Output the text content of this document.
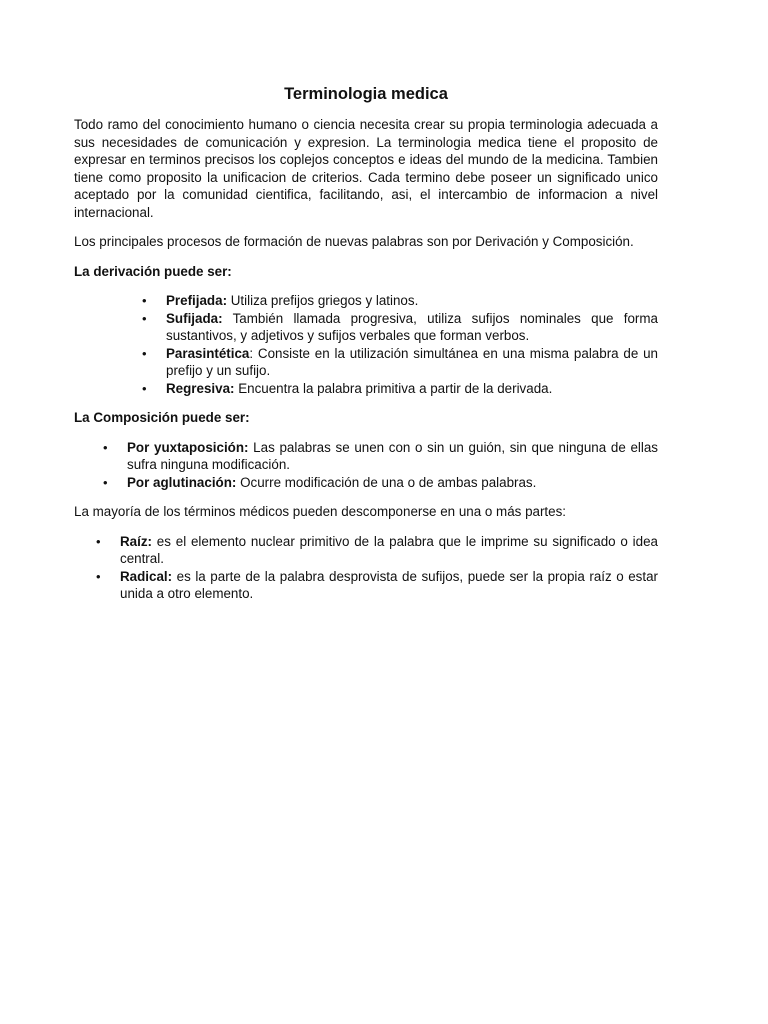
Terminologia medica

Todo ramo del conocimiento humano o ciencia necesita crear su propia terminologia adecuada a sus necesidades de comunicación y expresion. La terminologia medica tiene el proposito de expresar en terminos precisos los coplejos conceptos e ideas del mundo de la medicina. Tambien tiene como proposito la unificacion de criterios. Cada termino debe poseer un significado unico aceptado por la comunidad cientifica, facilitando, asi, el intercambio de informacion a nivel internacional.

Los principales procesos de formación de nuevas palabras son por Derivación y Composición.

La derivación puede ser:
• Prefijada: Utiliza prefijos griegos y latinos.
• Sufijada: También llamada progresiva, utiliza sufijos nominales que forma sustantivos, y adjetivos y sufijos verbales que forman verbos.
• Parasintética: Consiste en la utilización simultánea en una misma palabra de un prefijo y un sufijo.
• Regresiva: Encuentra la palabra primitiva a partir de la derivada.
La Composición puede ser:
• Por yuxtaposición: Las palabras se unen con o sin un guión, sin que ninguna de ellas sufra ninguna modificación.
• Por aglutinación: Ocurre modificación de una o de ambas palabras.

La mayoría de los términos médicos pueden descomponerse en una o más partes:

• Raíz: es el elemento nuclear primitivo de la palabra que le imprime su significado o idea central.
• Radical: es la parte de la palabra desprovista de sufijos, puede ser la propia raíz o estar unida a otro elemento.
